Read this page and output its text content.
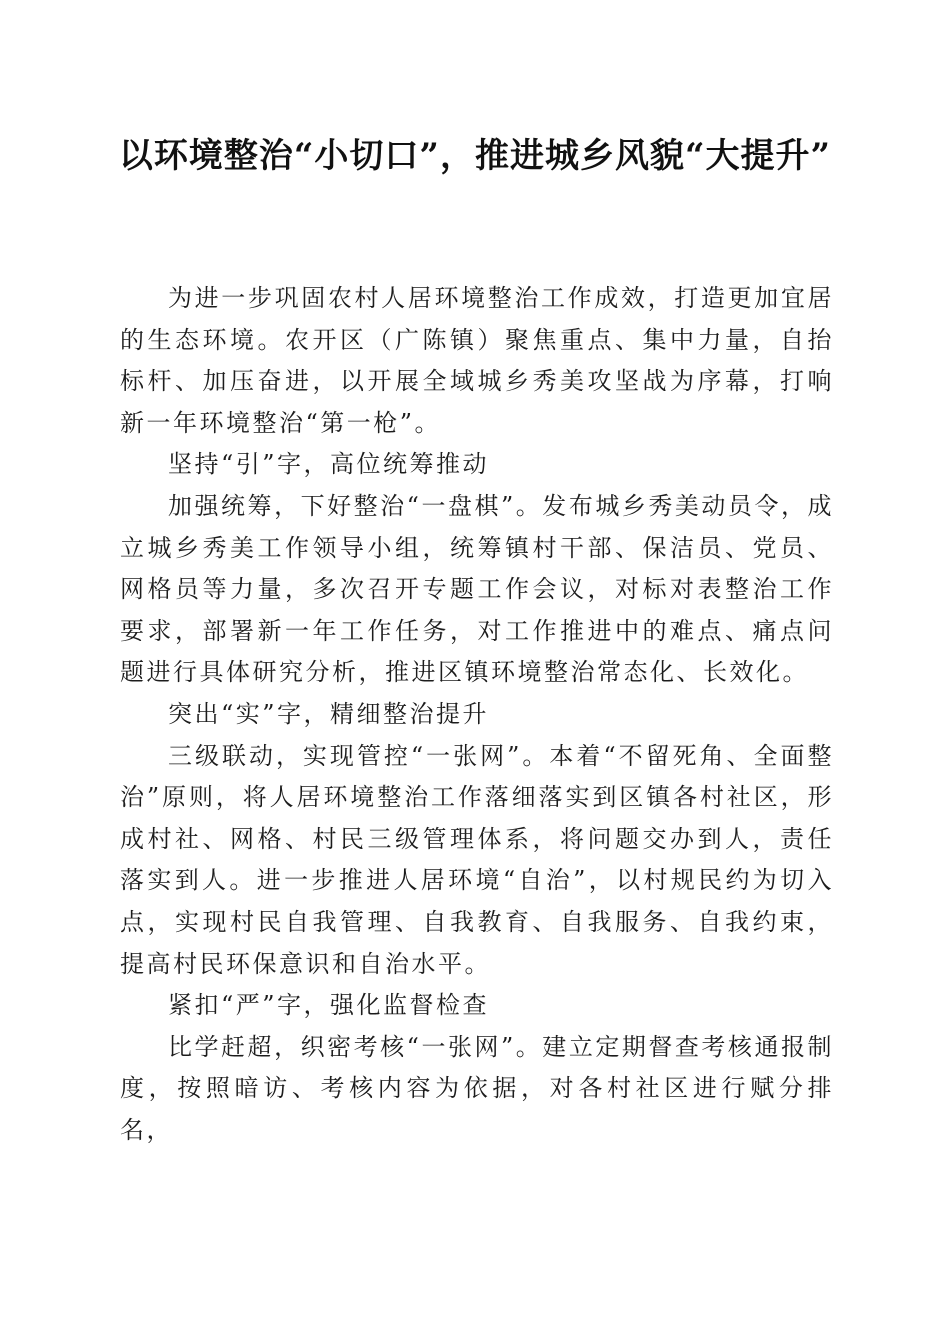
以环境整治“小切口”，推进城乡风貌“大提升”

为进一步巩固农村人居环境整治工作成效，打造更加宜居的生态环境。农开区（广陈镇）聚焦重点、集中力量，自抬标杆、加压奋进，以开展全域城乡秀美攻坚战为序幕，打响新一年环境整治“第一枪”。

坚持“引”字，高位统筹推动

加强统筹，下好整治“一盘棋”。发布城乡秀美动员令，成立城乡秀美工作领导小组，统筹镇村干部、保洁员、党员、网格员等力量，多次召开专题工作会议，对标对表整治工作要求，部署新一年工作任务，对工作推进中的难点、痛点问题进行具体研究分析，推进区镇环境整治常态化、长效化。

突出“实”字，精细整治提升

三级联动，实现管控“一张网”。本着“不留死角、全面整治”原则，将人居环境整治工作落细落实到区镇各村社区，形成村社、网格、村民三级管理体系，将问题交办到人，责任落实到人。进一步推进人居环境“自治”，以村规民约为切入点，实现村民自我管理、自我教育、自我服务、自我约束，提高村民环保意识和自治水平。

紧扣“严”字，强化监督检查

比学赶超，织密考核“一张网”。建立定期督查考核通报制度，按照暗访、考核内容为依据，对各村社区进行赋分排名，
